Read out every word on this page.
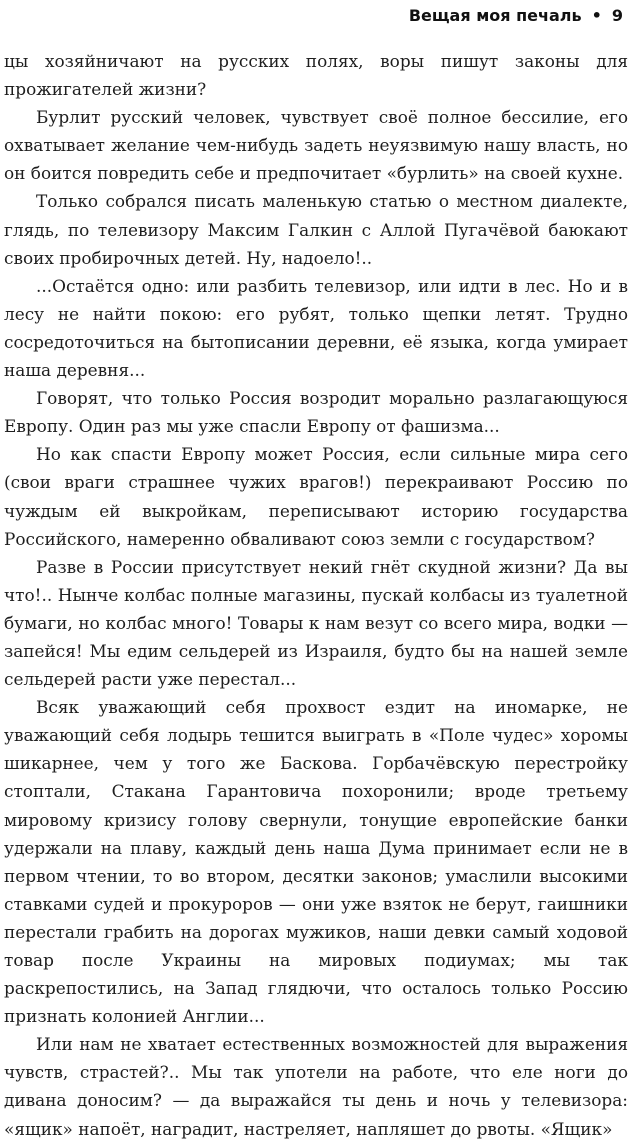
Вещая моя печаль • 9

цы хозяйничают на русских полях, воры пишут законы для прожигателей жизни?

Бурлит русский человек, чувствует своё полное бессилие, его охватывает желание чем-нибудь задеть неуязвимую нашу власть, но он боится повредить себе и предпочитает «бурлить» на своей кухне.

Только собрался писать маленькую статью о местном диалекте, глядь, по телевизору Максим Галкин с Аллой Пугачёвой баюкают своих пробирочных детей. Ну, надоело!..

...Остаётся одно: или разбить телевизор, или идти в лес. Но и в лесу не найти покою: его рубят, только щепки летят. Трудно сосредоточиться на бытописании деревни, её языка, когда умирает наша деревня...

Говорят, что только Россия возродит морально разлагающуюся Европу. Один раз мы уже спасли Европу от фашизма...

Но как спасти Европу может Россия, если сильные мира сего (свои враги страшнее чужих врагов!) перекраивают Россию по чуждым ей выкройкам, переписывают историю государства Российского, намеренно обваливают союз земли с государством?

Разве в России присутствует некий гнёт скудной жизни? Да вы что!.. Нынче колбас полные магазины, пускай колбасы из туалетной бумаги, но колбас много! Товары к нам везут со всего мира, водки — запейся! Мы едим сельдерей из Израиля, будто бы на нашей земле сельдерей расти уже перестал...

Всяк уважающий себя прохвост ездит на иномарке, не уважающий себя лодырь тешится выиграть в «Поле чудес» хоромы шикарнее, чем у того же Баскова. Горбачёвскую перестройку стоптали, Стакана Гарантовича похоронили; вроде третьему мировому кризису голову свернули, тонущие европейские банки удержали на плаву, каждый день наша Дума принимает если не в первом чтении, то во втором, десятки законов; умаслили высокими ставками судей и прокуроров — они уже взяток не берут, гаишники перестали грабить на дорогах мужиков, наши девки самый ходовой товар после Украины на мировых подиумах; мы так раскрепостились, на Запад глядючи, что осталось только Россию признать колонией Англии...

Или нам не хватает естественных возможностей для выражения чувств, страстей?.. Мы так употели на работе, что еле ноги до дивана доносим? — да выражайся ты день и ночь у телевизора: «ящик» напоёт, наградит, настреляет, напляшет до рвоты. «Ящик»
